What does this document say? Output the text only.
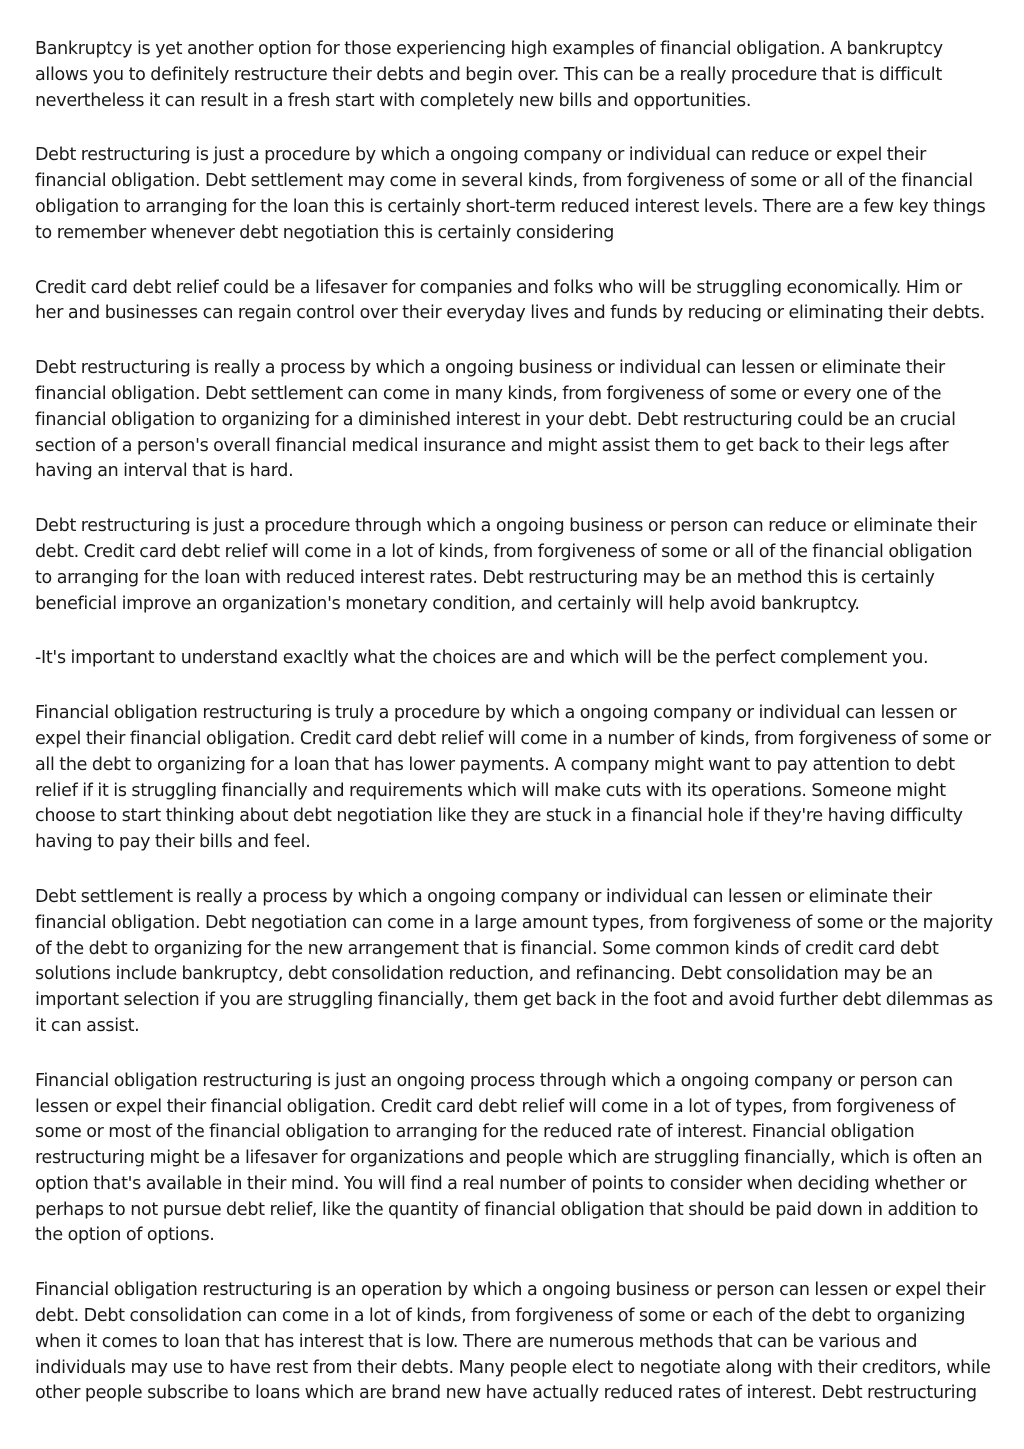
Bankruptcy is yet another option for those experiencing high examples of financial obligation. A bankruptcy allows you to definitely restructure their debts and begin over. This can be a really procedure that is difficult nevertheless it can result in a fresh start with completely new bills and opportunities.

Debt restructuring is just a procedure by which a ongoing company or individual can reduce or expel their financial obligation. Debt settlement may come in several kinds, from forgiveness of some or all of the financial obligation to arranging for the loan this is certainly short-term reduced interest levels. There are a few key things to remember whenever debt negotiation this is certainly considering

Credit card debt relief could be a lifesaver for companies and folks who will be struggling economically. Him or her and businesses can regain control over their everyday lives and funds by reducing or eliminating their debts.

Debt restructuring is really a process by which a ongoing business or individual can lessen or eliminate their financial obligation. Debt settlement can come in many kinds, from forgiveness of some or every one of the financial obligation to organizing for a diminished interest in your debt. Debt restructuring could be an crucial section of a person's overall financial medical insurance and might assist them to get back to their legs after having an interval that is hard.

Debt restructuring is just a procedure through which a ongoing business or person can reduce or eliminate their debt. Credit card debt relief will come in a lot of kinds, from forgiveness of some or all of the financial obligation to arranging for the loan with reduced interest rates. Debt restructuring may be an method this is certainly beneficial improve an organization's monetary condition, and certainly will help avoid bankruptcy.

-It's important to understand exacltly what the choices are and which will be the perfect complement you.

Financial obligation restructuring is truly a procedure by which a ongoing company or individual can lessen or expel their financial obligation. Credit card debt relief will come in a number of kinds, from forgiveness of some or all the debt to organizing for a loan that has lower payments. A company might want to pay attention to debt relief if it is struggling financially and requirements which will make cuts with its operations. Someone might choose to start thinking about debt negotiation like they are stuck in a financial hole if they're having difficulty having to pay their bills and feel.

Debt settlement is really a process by which a ongoing company or individual can lessen or eliminate their financial obligation. Debt negotiation can come in a large amount types, from forgiveness of some or the majority of the debt to organizing for the new arrangement that is financial. Some common kinds of credit card debt solutions include bankruptcy, debt consolidation reduction, and refinancing. Debt consolidation may be an important selection if you are struggling financially, them get back in the foot and avoid further debt dilemmas as it can assist.

Financial obligation restructuring is just an ongoing process through which a ongoing company or person can lessen or expel their financial obligation. Credit card debt relief will come in a lot of types, from forgiveness of some or most of the financial obligation to arranging for the reduced rate of interest. Financial obligation restructuring might be a lifesaver for organizations and people which are struggling financially, which is often an option that's available in their mind. You will find a real number of points to consider when deciding whether or perhaps to not pursue debt relief, like the quantity of financial obligation that should be paid down in addition to the option of options.

Financial obligation restructuring is an operation by which a ongoing business or person can lessen or expel their debt. Debt consolidation can come in a lot of kinds, from forgiveness of some or each of the debt to organizing when it comes to loan that has interest that is low. There are numerous methods that can be various and individuals may use to have rest from their debts. Many people elect to negotiate along with their creditors, while other people subscribe to loans which are brand new have actually reduced rates of interest. Debt restructuring
